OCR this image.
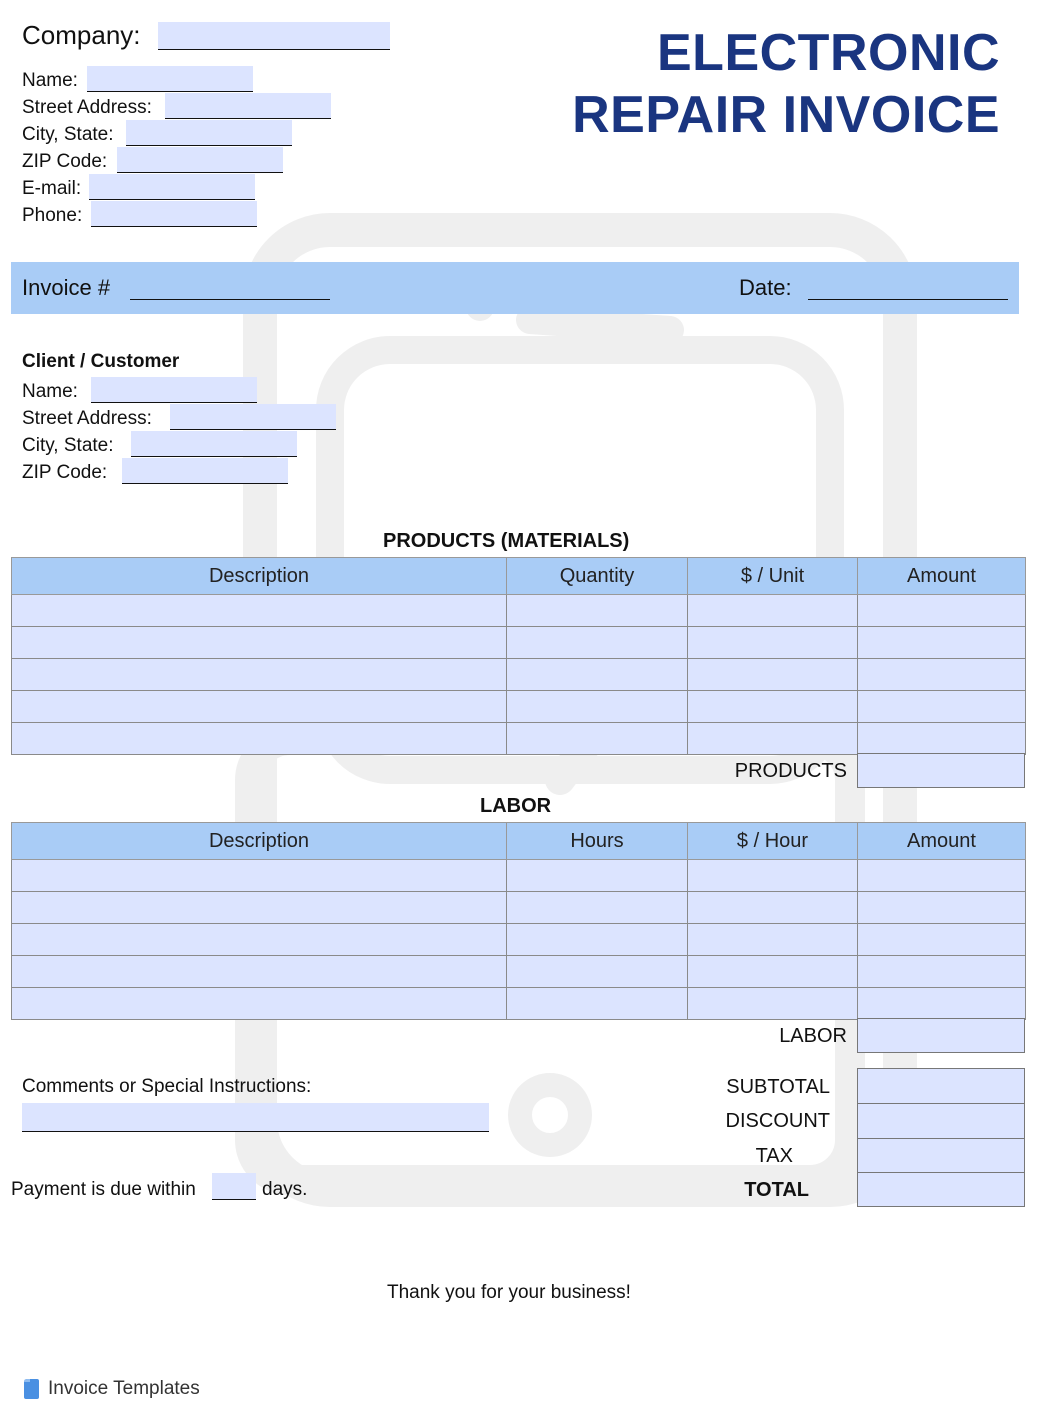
Company:
Name:
Street Address:
City, State:
ZIP Code:
E-mail:
Phone:
ELECTRONIC
REPAIR INVOICE
Invoice #	Date:
Client / Customer
Name:
Street Address:
City, State:
ZIP Code:
PRODUCTS (MATERIALS)
Description	Quantity	$ / Unit	Amount

PRODUCTS
LABOR
Description	Hours	$ / Hour	Amount

LABOR
Comments or Special Instructions:	SUBTOTAL
DISCOUNT
TAX
TOTAL
Payment is due within	days.
Thank you for your business!
Invoice Templates
